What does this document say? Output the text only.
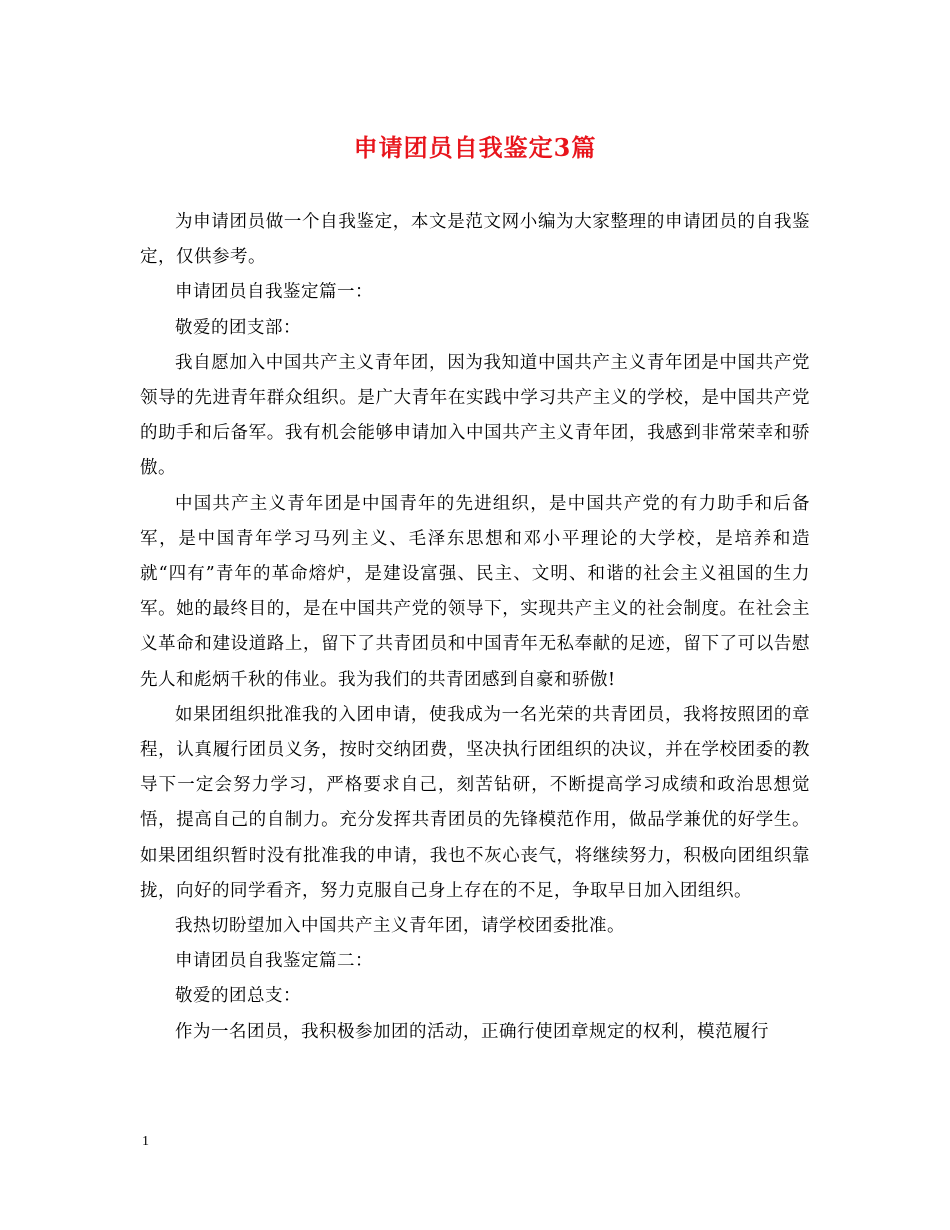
申请团员自我鉴定3篇

为申请团员做一个自我鉴定，本文是范文网小编为大家整理的申请团员的自我鉴定，仅供参考。

申请团员自我鉴定篇一：

敬爱的团支部：

我自愿加入中国共产主义青年团，因为我知道中国共产主义青年团是中国共产党领导的先进青年群众组织。是广大青年在实践中学习共产主义的学校，是中国共产党的助手和后备军。我有机会能够申请加入中国共产主义青年团，我感到非常荣幸和骄傲。

中国共产主义青年团是中国青年的先进组织，是中国共产党的有力助手和后备军，是中国青年学习马列主义、毛泽东思想和邓小平理论的大学校，是培养和造就“四有”青年的革命熔炉，是建设富强、民主、文明、和谐的社会主义祖国的生力军。她的最终目的，是在中国共产党的领导下，实现共产主义的社会制度。在社会主义革命和建设道路上，留下了共青团员和中国青年无私奉献的足迹，留下了可以告慰先人和彪炳千秋的伟业。我为我们的共青团感到自豪和骄傲!

如果团组织批准我的入团申请，使我成为一名光荣的共青团员，我将按照团的章程，认真履行团员义务，按时交纳团费，坚决执行团组织的决议，并在学校团委的教导下一定会努力学习，严格要求自己，刻苦钻研，不断提高学习成绩和政治思想觉悟，提高自己的自制力。充分发挥共青团员的先锋模范作用，做品学兼优的好学生。如果团组织暂时没有批准我的申请，我也不灰心丧气，将继续努力，积极向团组织靠拢，向好的同学看齐，努力克服自己身上存在的不足，争取早日加入团组织。

我热切盼望加入中国共产主义青年团，请学校团委批准。

申请团员自我鉴定篇二：

敬爱的团总支：

作为一名团员，我积极参加团的活动，正确行使团章规定的权利，模范履行

1
